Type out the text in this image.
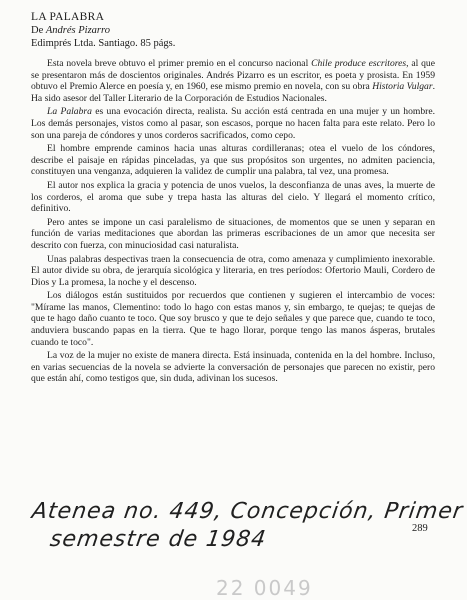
LA PALABRA

De Andrés Pizarro

Edimprés Ltda. Santiago. 85 págs.

Esta novela breve obtuvo el primer premio en el concurso nacional Chile produce escritores, al que se presentaron más de doscientos originales. Andrés Pizarro es un escritor, es poeta y prosista. En 1959 obtuvo el Premio Alerce en poesía y, en 1960, ese mismo premio en novela, con su obra Historia Vulgar. Ha sido asesor del Taller Literario de la Corporación de Estudios Nacionales.

La Palabra es una evocación directa, realista. Su acción está centrada en una mujer y un hombre. Los demás personajes, vistos como al pasar, son escasos, porque no hacen falta para este relato. Pero lo son una pareja de cóndores y unos corderos sacrificados, como cepo.

El hombre emprende caminos hacia unas alturas cordilleranas; otea el vuelo de los cóndores, describe el paisaje en rápidas pinceladas, ya que sus propósitos son urgentes, no admiten paciencia, constituyen una venganza, adquieren la validez de cumplir una palabra, tal vez, una promesa.

El autor nos explica la gracia y potencia de unos vuelos, la desconfianza de unas aves, la muerte de los corderos, el aroma que sube y trepa hasta las alturas del cielo. Y llegará el momento crítico, definitivo.

Pero antes se impone un casi paralelismo de situaciones, de momentos que se unen y separan en función de varias meditaciones que abordan las primeras escribaciones de un amor que necesita ser descrito con fuerza, con minuciosidad casi naturalista.

Unas palabras despectivas traen la consecuencia de otra, como amenaza y cumplimiento inexorable. El autor divide su obra, de jerarquía sicológica y literaria, en tres períodos: Ofertorio Mauli, Cordero de Dios y La promesa, la noche y el descenso.

Los diálogos están sustituidos por recuerdos que contienen y sugieren el intercambio de voces: "Mírame las manos, Clementino: todo lo hago con estas manos y, sin embargo, te quejas; te quejas de que te hago daño cuanto te toco. Que soy brusco y que te dejo señales y que parece que, cuando te toco, anduviera buscando papas en la tierra. Que te hago llorar, porque tengo las manos ásperas, brutales cuando te toco".

La voz de la mujer no existe de manera directa. Está insinuada, contenida en la del hombre. Incluso, en varias secuencias de la novela se advierte la conversación de personajes que parecen no existir, pero que están ahí, como testigos que, sin duda, adivinan los sucesos.

Atenea no. 449, Concepción, Primer
semestre de 1984	289
22 0049
